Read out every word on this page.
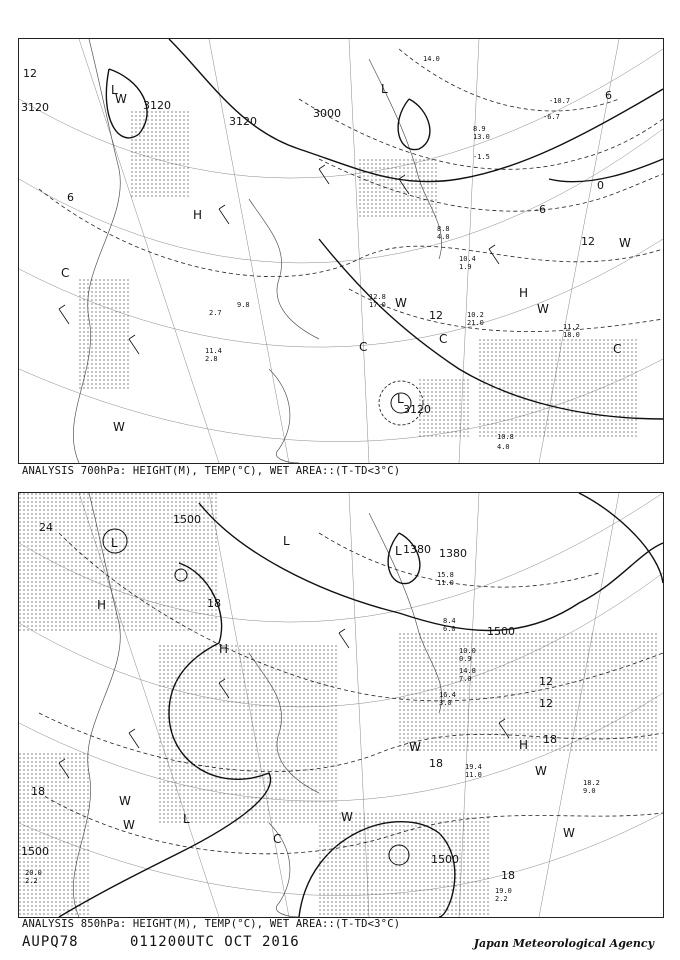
3120	3120
3000
3120
3120
12
6
0
-6
6
12
12
L	L
H
H
W
W
W
W
C
C
C
C
L
W
10.8
4.0
11.2
18.0
10.2
21.0
12.8
17.0
11.4
2.8
10.4
1.9
8.8
4.0
-1.5
-6.7
-10.7
14.0
8.9
13.0
2.7
9.8
ANALYSIS 700hPa: HEIGHT(M), TEMP(°C), WET AREA::(T-TD<3°C)
1500
1500
1500
1500
1380 1380
24
18
18
12
12
18
18
18
L	L
L
H
H
H
W
W
W
W
C
L
W
W
19.0
2.2
18.2
9.0
19.4
11.0
20.0
2.2
16.4
3.0
14.8
7.0
10.0
0.9
8.4
6.0
15.8
11.0
ANALYSIS 850hPa: HEIGHT(M), TEMP(°C), WET AREA::(T-TD<3°C)
AUPQ78	011200UTC OCT 2016	Japan Meteorological Agency
